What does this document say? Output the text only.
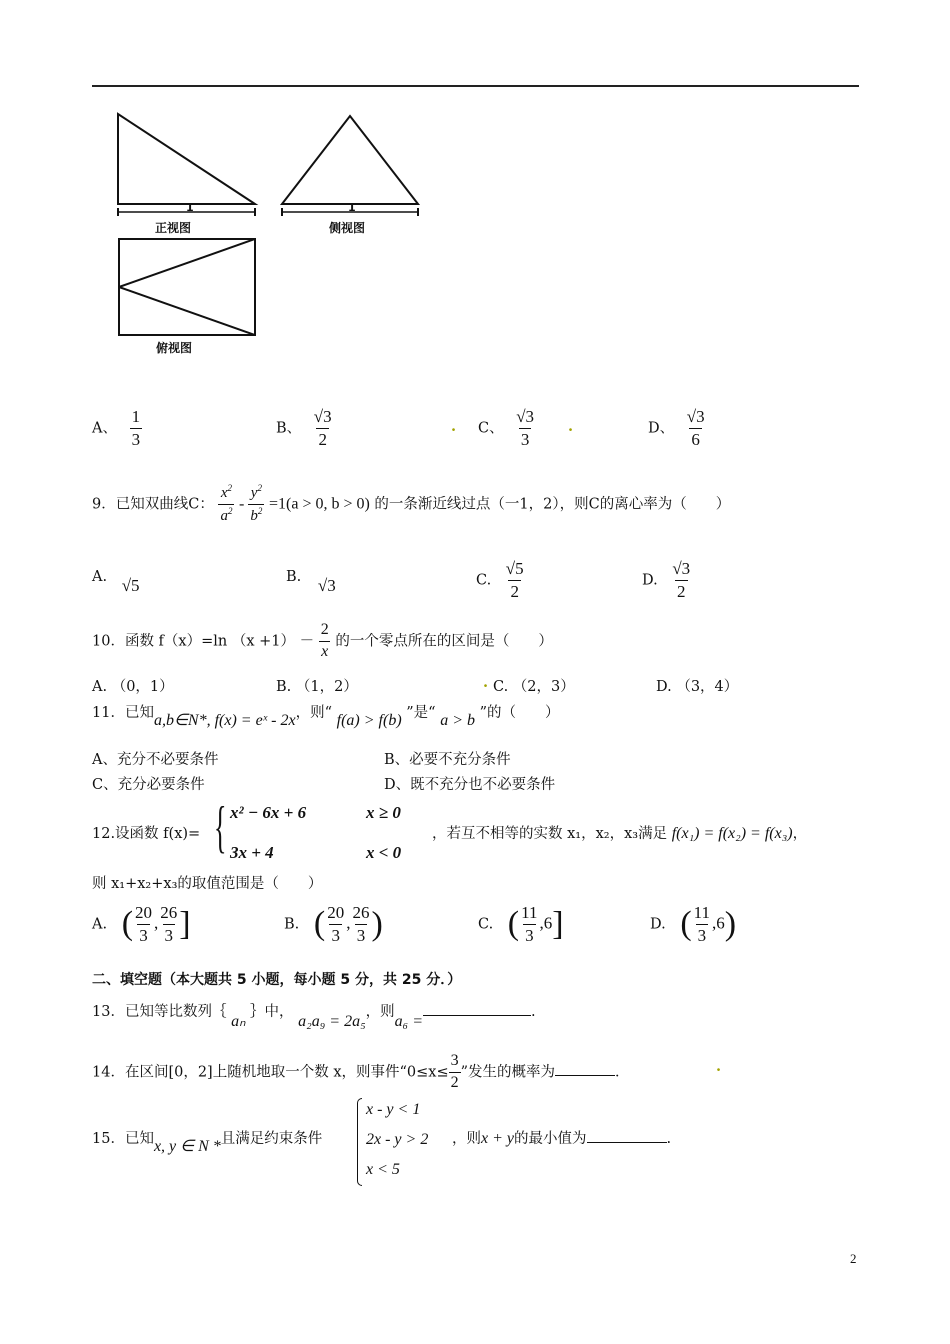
1	1
正视图	侧视图
俯视图
A、 $\frac{1}{3}$	B、 $\frac{√3}{2}$	. C、 $\frac{√3}{3}$ .	D、 $\frac{√3}{6}$
9．已知双曲线C： $\frac{x^2}{a^2} - \frac{y^2}{b^2} =1(a > 0$, b > 0) 的一条渐近线过点（一1，2），则C的离心率为（　　）
A. √5	B. √3	C. $\frac{√5}{2}$	D. $\frac{√3}{2}$
10．函数 f（x）=ln $(x +1) - \frac{2}{x}$ 的一个零点所在的区间是（　　）
A. （0，1）	B. （1，2）	. C. （2，3）	D. （3，4）
11．已知a,b∈N*, f(x) = eˣ - 2x，则“ f(a) > f(b) ”是“ a > b ”的（　　）
A、充分不必要条件	B、必要不充分条件
C、充分必要条件	D、既不充分也不必要条件
12.设函数 f(x)= { x² − 6x + 6	x ≥ 0
3x + 4	x < 0
，若互不相等的实数 x₁，x₂，x₃满足 f(x₁) = f(x₂) = f(x₃)，
则 x₁+x₂+x₃的取值范围是（　　）
A. ( $\frac{20}{3}$ , $\frac{26}{3}$ ]	B. ( $\frac{20}{3}$ , $\frac{26}{3}$ )	C. ( $\frac{11}{3} ,6$]	D. ( $\frac{11}{3} ,6$)
二、填空题（本大题共 5 小题，每小题 5 分，共 25 分．）
13．已知等比数列｛ aₙ ｝中， a₂a₉ = 2a₅，则a₆ =.
14．在区间[0，2]上随机地取一个数 x，则事件“$0\le x\le \frac{3}{2}$ ”发生的概率为	．	.
15．已知x, y ∈ N *且满足约束条件
x - y < 1
2x - y > 2
x < 5
，则x + y的最小值为	.
2
